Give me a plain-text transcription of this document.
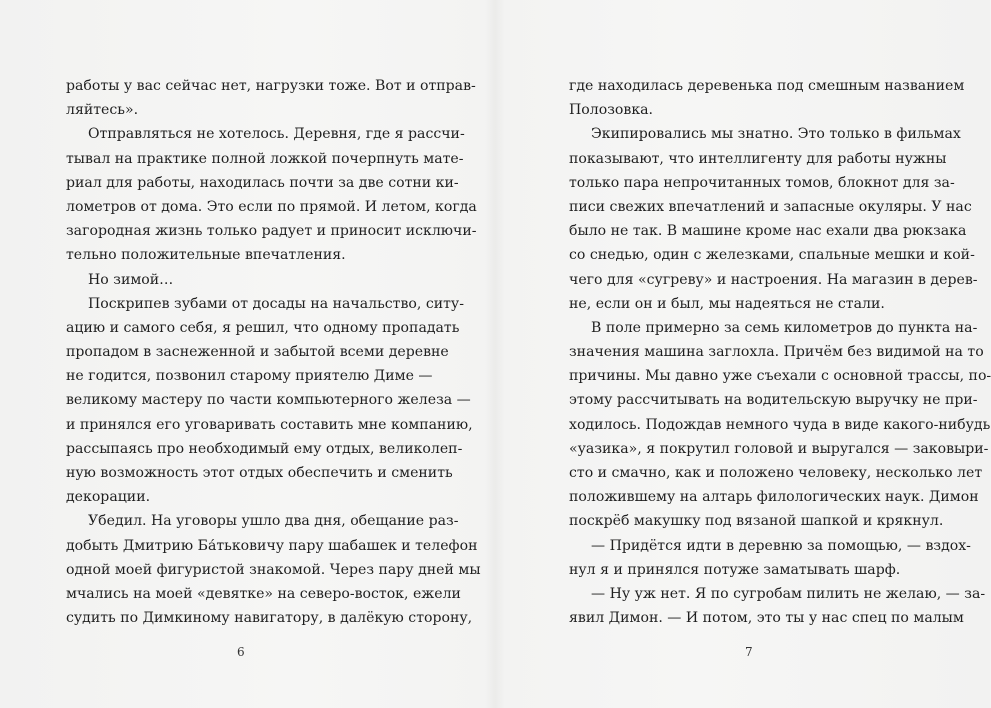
работы у вас сейчас нет, нагрузки тоже. Вот и отправ-
ляйтесь».
Отправляться не хотелось. Деревня, где я рассчи-
тывал на практике полной ложкой почерпнуть мате-
риал для работы, находилась почти за две сотни ки-
лометров от дома. Это если по прямой. И летом, когда
загородная жизнь только радует и приносит исключи-
тельно положительные впечатления.
Но зимой…
Поскрипев зубами от досады на начальство, ситу-
ацию и самого себя, я решил, что одному пропадать
пропадом в заснеженной и забытой всеми деревне
не годится, позвонил старому приятелю Диме —
великому мастеру по части компьютерного железа —
и принялся его уговаривать составить мне компанию,
рассыпаясь про необходимый ему отдых, великолеп-
ную возможность этот отдых обеспечить и сменить
декорации.
Убедил. На уговоры ушло два дня, обещание раз-
добыть Дмитрию Ба́тьковичу пару шабашек и телефон
одной моей фигуристой знакомой. Через пару дней мы
мчались на моей «девятке» на северо-восток, ежели
судить по Димкиному навигатору, в далёкую сторону,
где находилась деревенька под смешным названием
Полозовка.
Экипировались мы знатно. Это только в фильмах
показывают, что интеллигенту для работы нужны
только пара непрочитанных томов, блокнот для за-
писи свежих впечатлений и запасные окуляры. У нас
было не так. В машине кроме нас ехали два рюкзака
со снедью, один с железками, спальные мешки и кой-
чего для «сугреву» и настроения. На магазин в дерев-
не, если он и был, мы надеяться не стали.
В поле примерно за семь километров до пункта на-
значения машина заглохла. Причём без видимой на то
причины. Мы давно уже съехали с основной трассы, по-
этому рассчитывать на водительскую выручку не при-
ходилось. Подождав немного чуда в виде какого-нибудь
«уазика», я покрутил головой и выругался — заковыри-
сто и смачно, как и положено человеку, несколько лет
положившему на алтарь филологических наук. Димон
поскрёб макушку под вязаной шапкой и крякнул.
— Придётся идти в деревню за помощью, — вздох-
нул я и принялся потуже заматывать шарф.
— Ну уж нет. Я по сугробам пилить не желаю, — за-
явил Димон. — И потом, это ты у нас спец по малым
6	7
